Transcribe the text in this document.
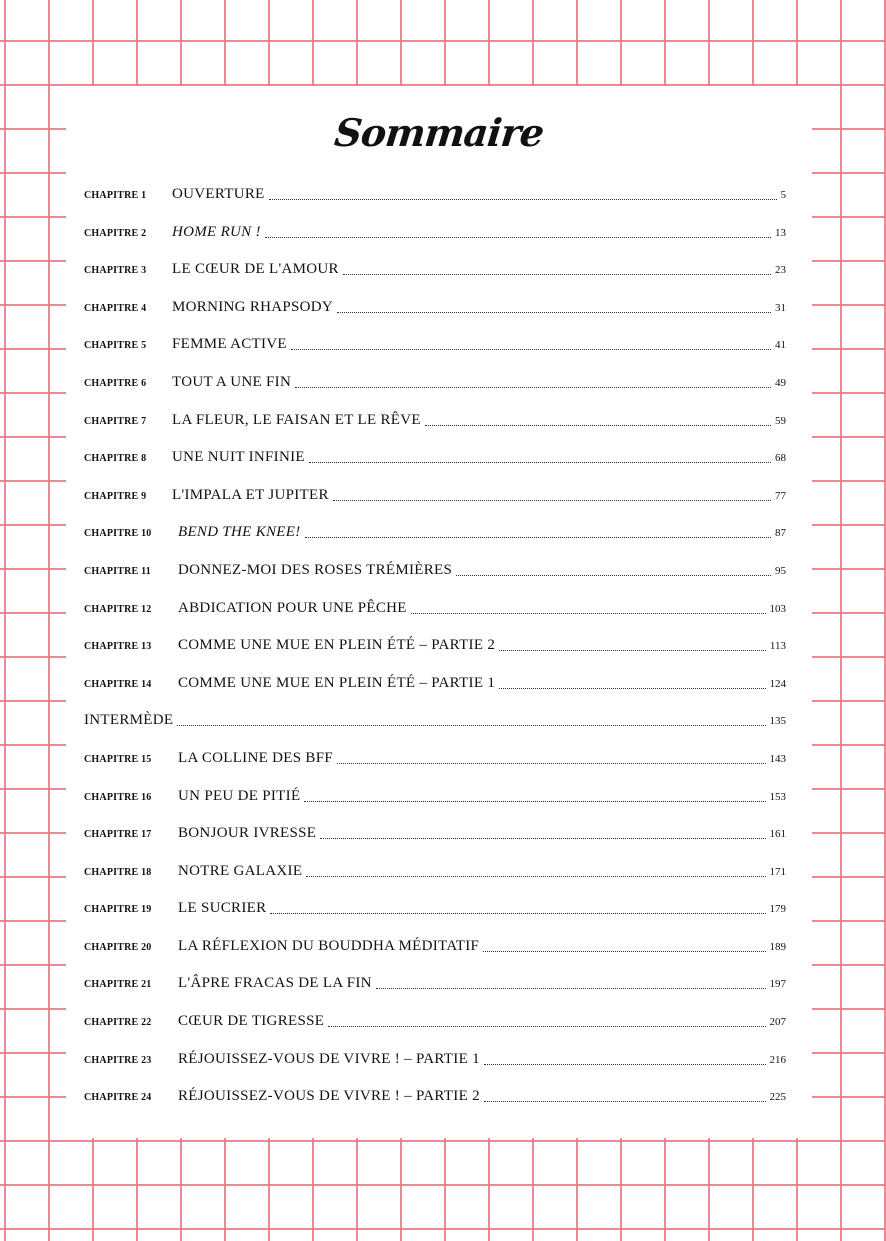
Sommaire
CHAPITRE 1	OUVERTURE	5
CHAPITRE 2	HOME RUN !	13
CHAPITRE 3	LE CŒUR DE L'AMOUR	23
CHAPITRE 4	MORNING RHAPSODY	31
CHAPITRE 5	FEMME ACTIVE	41
CHAPITRE 6	TOUT A UNE FIN	49
CHAPITRE 7	LA FLEUR, LE FAISAN ET LE RÊVE	59
CHAPITRE 8	UNE NUIT INFINIE	68
CHAPITRE 9	L'IMPALA ET JUPITER	77
CHAPITRE 10	BEND THE KNEE!	87
CHAPITRE 11	DONNEZ-MOI DES ROSES TRÉMIÈRES	95
CHAPITRE 12	ABDICATION POUR UNE PÊCHE	103
CHAPITRE 13	COMME UNE MUE EN PLEIN ÉTÉ – PARTIE 2	113
CHAPITRE 14	COMME UNE MUE EN PLEIN ÉTÉ – PARTIE 1	124
INTERMÈDE	135
CHAPITRE 15	LA COLLINE DES BFF	143
CHAPITRE 16	UN PEU DE PITIÉ	153
CHAPITRE 17	BONJOUR IVRESSE	161
CHAPITRE 18	NOTRE GALAXIE	171
CHAPITRE 19	LE SUCRIER	179
CHAPITRE 20	LA RÉFLEXION DU BOUDDHA MÉDITATIF	189
CHAPITRE 21	L'ÂPRE FRACAS DE LA FIN	197
CHAPITRE 22	CŒUR DE TIGRESSE	207
CHAPITRE 23	RÉJOUISSEZ-VOUS DE VIVRE ! – PARTIE 1	216
CHAPITRE 24	RÉJOUISSEZ-VOUS DE VIVRE ! – PARTIE 2	225
